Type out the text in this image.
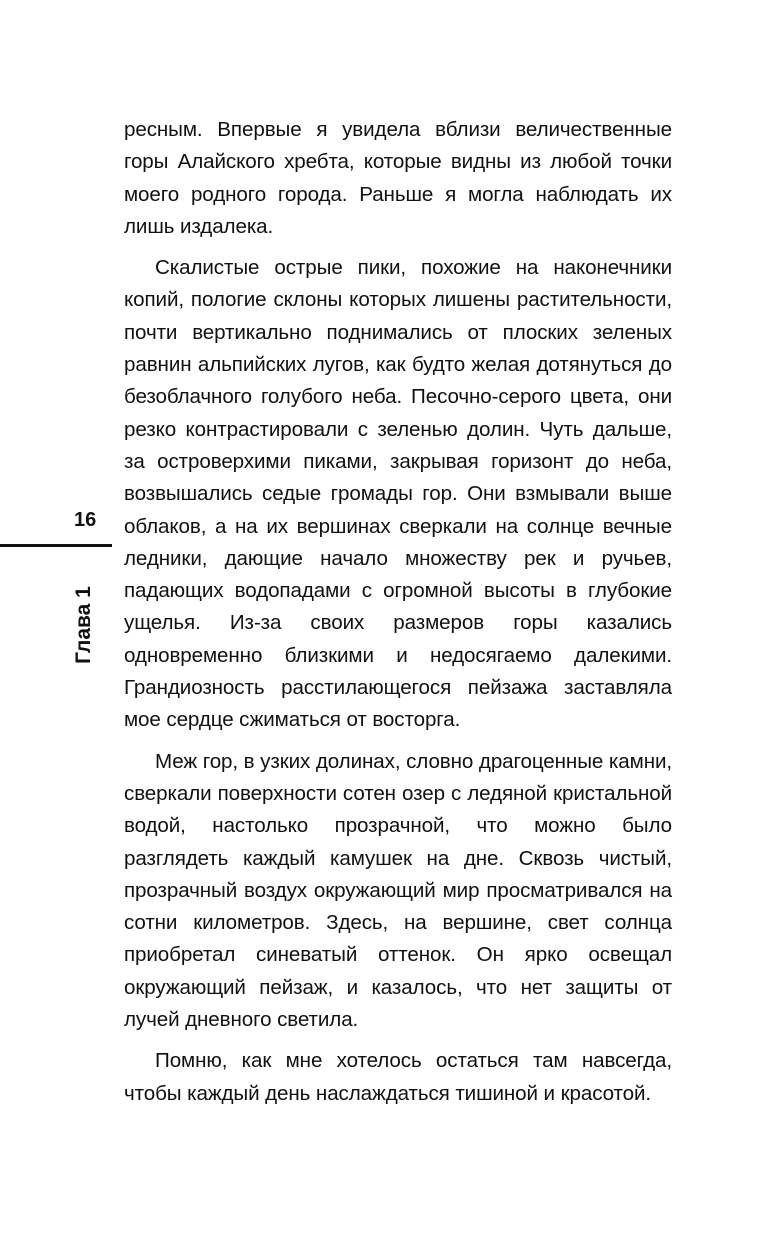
ресным. Впервые я увидела вблизи величественные горы Алайского хребта, которые видны из любой точки моего родного города. Раньше я могла наблюдать их лишь издалека.

Скалистые острые пики, похожие на наконечники копий, пологие склоны которых лишены растительности, почти вертикально поднимались от плоских зеленых равнин альпийских лугов, как будто желая дотянуться до безоблачного голубого неба. Песочно-серого цвета, они резко контрастировали с зеленью долин. Чуть дальше, за островерхими пиками, закрывая горизонт до неба, возвышались седые громады гор. Они взмывали выше облаков, а на их вершинах сверкали на солнце вечные ледники, дающие начало множеству рек и ручьев, падающих водопадами с огромной высоты в глубокие ущелья. Из-за своих размеров горы казались одновременно близкими и недосягаемо далекими. Грандиозность расстилающегося пейзажа заставляла мое сердце сжиматься от восторга.

Меж гор, в узких долинах, словно драгоценные камни, сверкали поверхности сотен озер с ледяной кристальной водой, настолько прозрачной, что можно было разглядеть каждый камушек на дне. Сквозь чистый, прозрачный воздух окружающий мир просматривался на сотни километров. Здесь, на вершине, свет солнца приобретал синеватый оттенок. Он ярко освещал окружающий пейзаж, и казалось, что нет защиты от лучей дневного светила.

Помню, как мне хотелось остаться там навсегда, чтобы каждый день наслаждаться тишиной и красотой.

16
Глава 1
